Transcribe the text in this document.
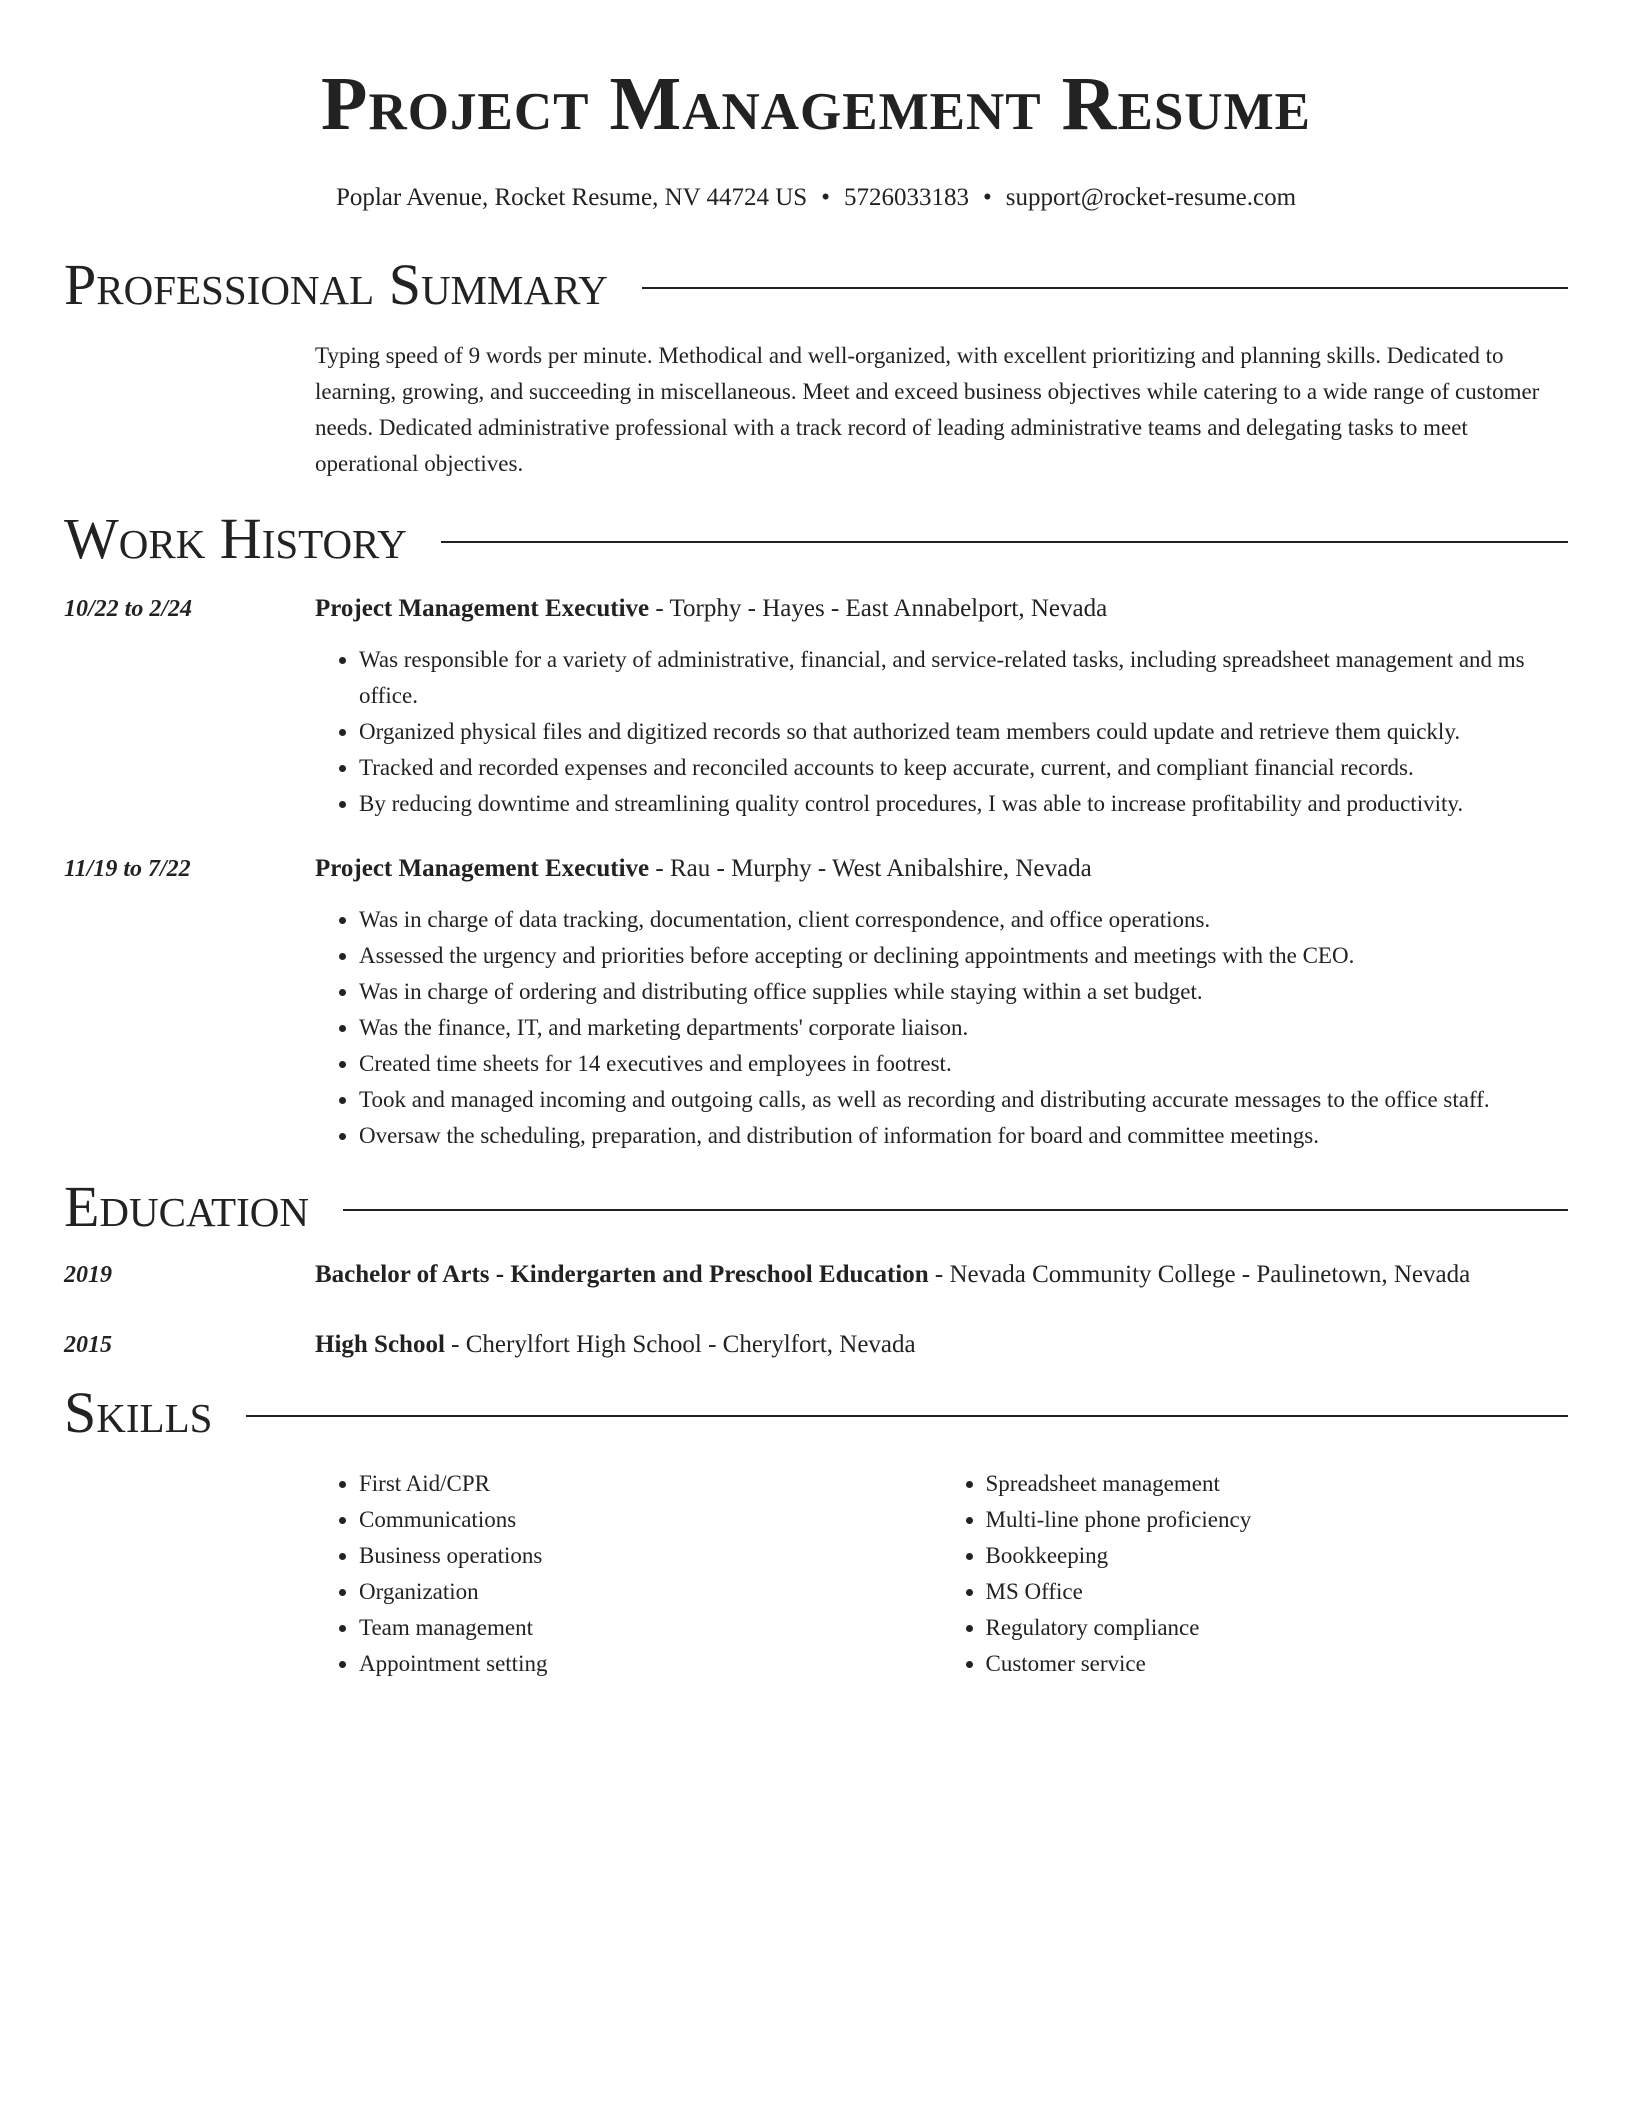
Project Management Resume
Poplar Avenue, Rocket Resume, NV 44724 US • 5726033183 • support@rocket-resume.com
Professional Summary
Typing speed of 9 words per minute. Methodical and well-organized, with excellent prioritizing and planning skills. Dedicated to learning, growing, and succeeding in miscellaneous. Meet and exceed business objectives while catering to a wide range of customer needs. Dedicated administrative professional with a track record of leading administrative teams and delegating tasks to meet operational objectives.
Work History
10/22 to 2/24	Project Management Executive - Torphy - Hayes - East Annabelport, Nevada
• Was responsible for a variety of administrative, financial, and service-related tasks, including spreadsheet management and ms office.
• Organized physical files and digitized records so that authorized team members could update and retrieve them quickly.
• Tracked and recorded expenses and reconciled accounts to keep accurate, current, and compliant financial records.
• By reducing downtime and streamlining quality control procedures, I was able to increase profitability and productivity.
11/19 to 7/22	Project Management Executive - Rau - Murphy - West Anibalshire, Nevada
• Was in charge of data tracking, documentation, client correspondence, and office operations.
• Assessed the urgency and priorities before accepting or declining appointments and meetings with the CEO.
• Was in charge of ordering and distributing office supplies while staying within a set budget.
• Was the finance, IT, and marketing departments' corporate liaison.
• Created time sheets for 14 executives and employees in footrest.
• Took and managed incoming and outgoing calls, as well as recording and distributing accurate messages to the office staff.
• Oversaw the scheduling, preparation, and distribution of information for board and committee meetings.
Education
2019	Bachelor of Arts - Kindergarten and Preschool Education - Nevada Community College - Paulinetown, Nevada
2015	High School - Cherylfort High School - Cherylfort, Nevada
Skills
• First Aid/CPR
• Communications
• Business operations
• Organization
• Team management
• Appointment setting
• Spreadsheet management
• Multi-line phone proficiency
• Bookkeeping
• MS Office
• Regulatory compliance
• Customer service
